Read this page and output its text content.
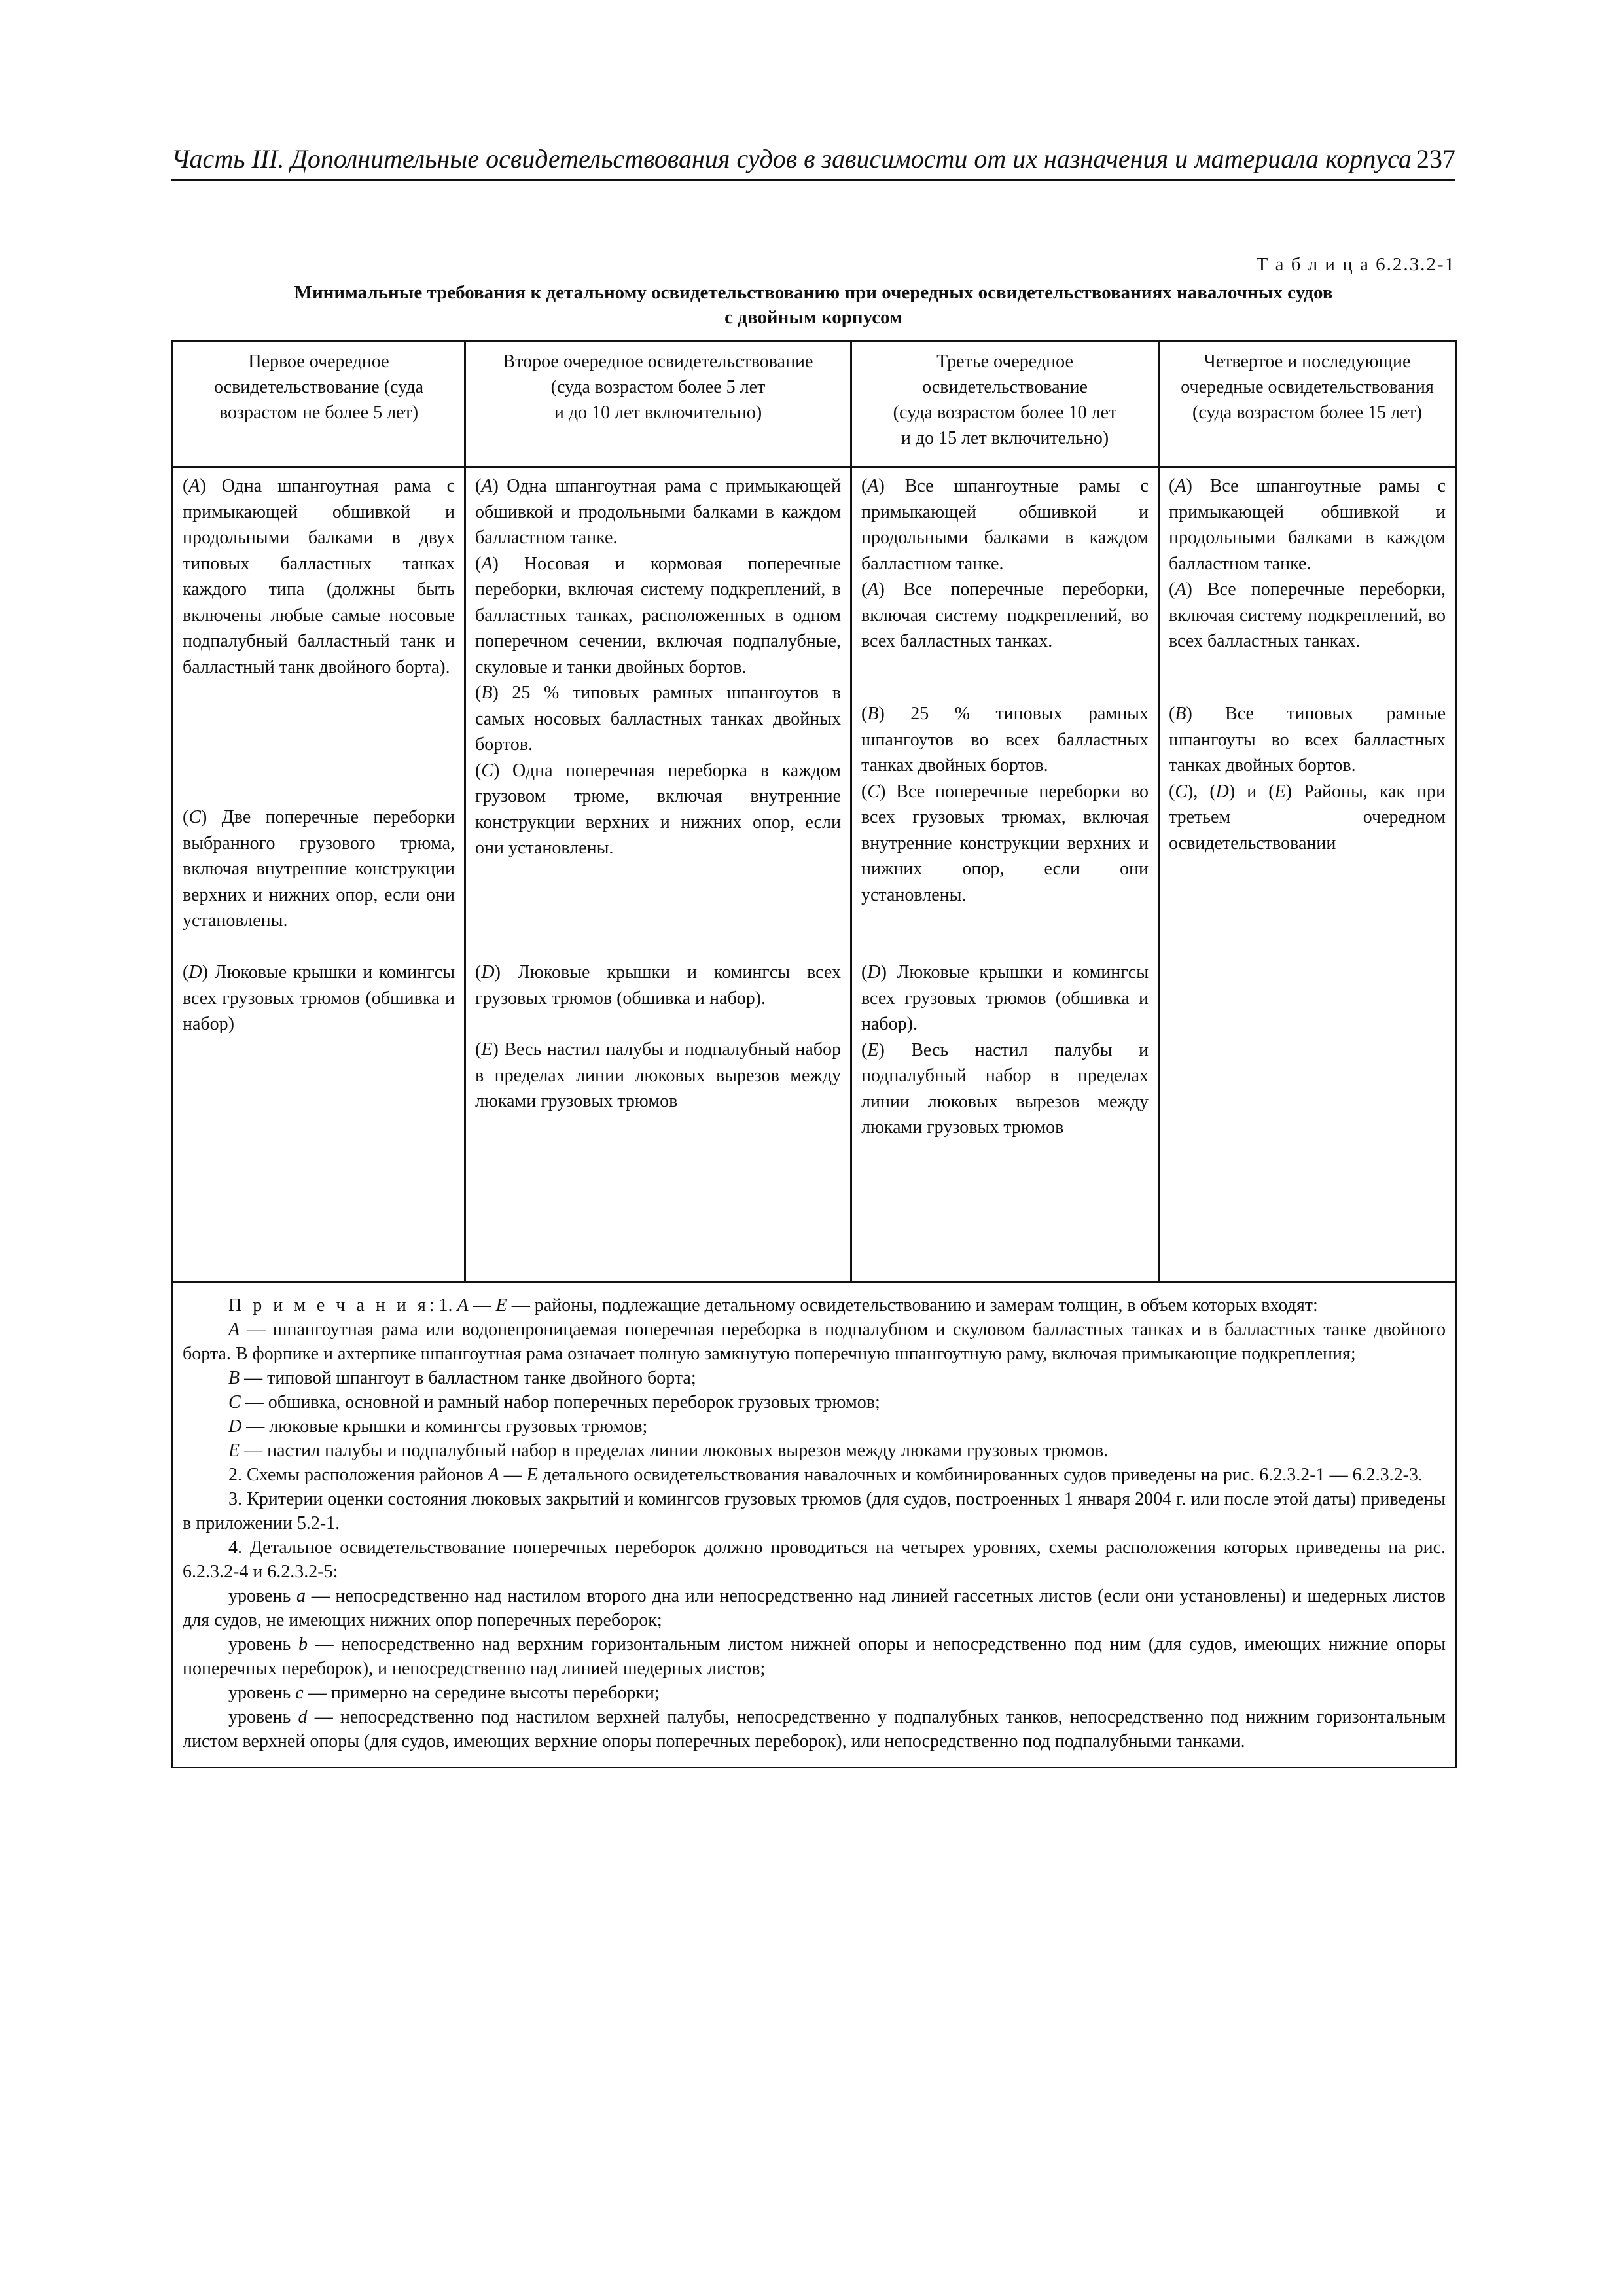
Часть III. Дополнительные освидетельствования судов в зависимости от их назначения и материала корпуса 237
Т а б л и ц а 6.2.3.2-1
Минимальные требования к детальному освидетельствованию при очередных освидетельствованиях навалочных судов
с двойным корпусом
Первое очередное
освидетельствование (суда
возрастом не более 5 лет)
Второе очередное освидетельствование
(суда возрастом более 5 лет
и до 10 лет включительно)
Третье очередное
освидетельствование
(суда возрастом более 10 лет
и до 15 лет включительно)
Четвертое и последующие
очередные освидетельствования
(суда возрастом более 15 лет)

(A) Одна шпангоутная рама с примыкающей обшивкой и продольными балками в двух типовых балластных танках каждого типа (должны быть включены любые самые носовые подпалубный балластный танк и балластный танк двойного борта).

(C) Две поперечные переборки выбранного грузового трюма, включая внутренние конструкции верхних и нижних опор, если они установлены.

(D) Люковые крышки и комингсы всех грузовых трюмов (обшивка и набор)

(A) Одна шпангоутная рама с примыкающей обшивкой и продольными балками в каждом балластном танке.

(A) Носовая и кормовая поперечные переборки, включая систему подкреплений, в балластных танках, расположенных в одном поперечном сечении, включая подпалубные, скуловые и танки двойных бортов.

(B) 25 % типовых рамных шпангоутов в самых носовых балластных танках двойных бортов.

(C) Одна поперечная переборка в каждом грузовом трюме, включая внутренние конструкции верхних и нижних опор, если они установлены.

(D) Люковые крышки и комингсы всех грузовых трюмов (обшивка и набор).

(E) Весь настил палубы и подпалубный набор в пределах линии люковых вырезов между люками грузовых трюмов

(A) Все шпангоутные рамы с примыкающей обшивкой и продольными балками в каждом балластном танке.

(A) Все поперечные переборки, включая систему подкреплений, во всех балластных танках.

(B) 25 % типовых рамных шпангоутов во всех балластных танках двойных бортов.

(C) Все поперечные переборки во всех грузовых трюмах, включая внутренние конструкции верхних и нижних опор, если они установлены.

(D) Люковые крышки и комингсы всех грузовых трюмов (обшивка и набор).

(E) Весь настил палубы и подпалубный набор в пределах линии люковых вырезов между люками грузовых трюмов

(A) Все шпангоутные рамы с примыкающей обшивкой и продольными балками в каждом балластном танке.

(A) Все поперечные переборки, включая систему подкреплений, во всех балластных танках.

(B) Все типовых рамные шпангоуты во всех балластных танках двойных бортов.

(C), (D) и (E) Районы, как при третьем очередном освидетельствовании

П р и м е ч а н и я: 1. A — E — районы, подлежащие детальному освидетельствованию и замерам толщин, в объем которых входят:

A — шпангоутная рама или водонепроницаемая поперечная переборка в подпалубном и скуловом балластных танках и в балластных танке двойного борта. В форпике и ахтерпике шпангоутная рама означает полную замкнутую поперечную шпангоутную раму, включая примыкающие подкрепления;

B — типовой шпангоут в балластном танке двойного борта;

C — обшивка, основной и рамный набор поперечных переборок грузовых трюмов;

D — люковые крышки и комингсы грузовых трюмов;

E — настил палубы и подпалубный набор в пределах линии люковых вырезов между люками грузовых трюмов.

2. Схемы расположения районов A — E детального освидетельствования навалочных и комбинированных судов приведены на рис. 6.2.3.2-1 — 6.2.3.2-3.

3. Критерии оценки состояния люковых закрытий и комингсов грузовых трюмов (для судов, построенных 1 января 2004 г. или после этой даты) приведены в приложении 5.2-1.

4. Детальное освидетельствование поперечных переборок должно проводиться на четырех уровнях, схемы расположения которых приведены на рис. 6.2.3.2-4 и 6.2.3.2-5:

уровень a — непосредственно над настилом второго дна или непосредственно над линией гассетных листов (если они установлены) и шедерных листов для судов, не имеющих нижних опор поперечных переборок;

уровень b — непосредственно над верхним горизонтальным листом нижней опоры и непосредственно под ним (для судов, имеющих нижние опоры поперечных переборок), и непосредственно над линией шедерных листов;

уровень c — примерно на середине высоты переборки;

уровень d — непосредственно под настилом верхней палубы, непосредственно у подпалубных танков, непосредственно под нижним горизонтальным листом верхней опоры (для судов, имеющих верхние опоры поперечных переборок), или непосредственно под подпалубными танками.
